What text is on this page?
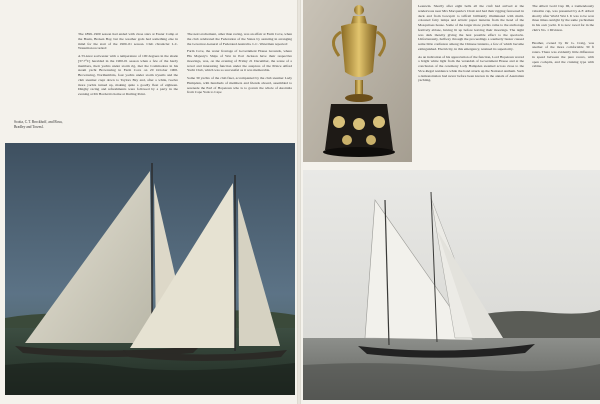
Scotia, C.T. Brockhoff, and Rosa, Bradley and Townsl.

The 1899–1900 season had ended with close stars at Easter Camp at the Basin, Broken Bay, but the weather gods had something else in mind for the start of the 1900–01 season. Club chronicler L.C. Waterman recorded:

A 55-knot sou'wester with a temperature of 100 degrees in the shade [37.7°C] heralded in the 1900-01 season when a few of the hardy members, their yachts under storm rig, met the Commodore in his steam yacht Brownwing in Farm Cove on 20 October 1900. Brownwing, Northumbria, four yachts under storm trysails and the club steamer crept down to Taylors Bay and, after a while, twelve more yachts turned up, making quite a goodly fleet of eighteen. Dinghy racing and refreshments were followed by a party in the evening at Mr Hordern's home at Darling Point.

The next excitement, other than racing, was an affair at Farm Cove, when the club celebrated the Federation of the States by assisting in arranging the Governor-General of Federated Australia. L.C. Waterman reported:

Farm Cove, the water frontage of Government House Grounds, where His Majesty's Ships of War in Port Jackson have their respective moorings, was, on the evening of Friday 21 December, the scene of a novel and interesting function under the auspices of the Prince Alfred Yacht Club, which was so successful as it was memorable.

Some 30 yachts of the club fleet, accompanied by the club steamer Lady Hampden, with hundreds of members and friends aboard, assembled to serenade the Earl of Hopetoun who is to govern the whole of Australia from Cape York to Cape

Leeuwin. Shortly after eight bells all the craft had arrived at the rendezvous near Mrs Macquarie's Chair and had their rigging festooned in deck and from bowsprit to taffrail brilliantly illuminated with multi-coloured fairy lamps and artistic paper lanterns from the head of the Mosquitoes house. Some of the larger more yachts came to the anchorage festively ablaze, having lit up before leaving their moorings. The night was dark thereby giving the best possible effect to the spectacle. Unfortunately, halfway through the proceedings a southerly buster caused some little confusion among the Chinese lanterns, a few of which became extinguished. Electricity, in this emergency, retained its superiority.

As an indication of his appreciation of the function, Lord Hopetoun waved a bright white light from the verandah of Government House and at the conclusion of the ceremony Lady Hampden steamed across close to the Vice-Regal residence while the band struck up the National Anthem. Such a demonstration had never before been known in the annals of Australian yachting.

The Albert Gold Cup III, a tremendously valuable cup, was presented by A.F. Albert shortly after World War I. It was to be won three times outright by the same yachtsman in his own yacht. It is now raced for in the club's No. 1 Division.

Heather, owned by Dr G. Craig, was another of the more comfortable 30 ft raters. There was evidently little difference in speed between the pure racers, with open cockpits, and the cruising type with cabins.
